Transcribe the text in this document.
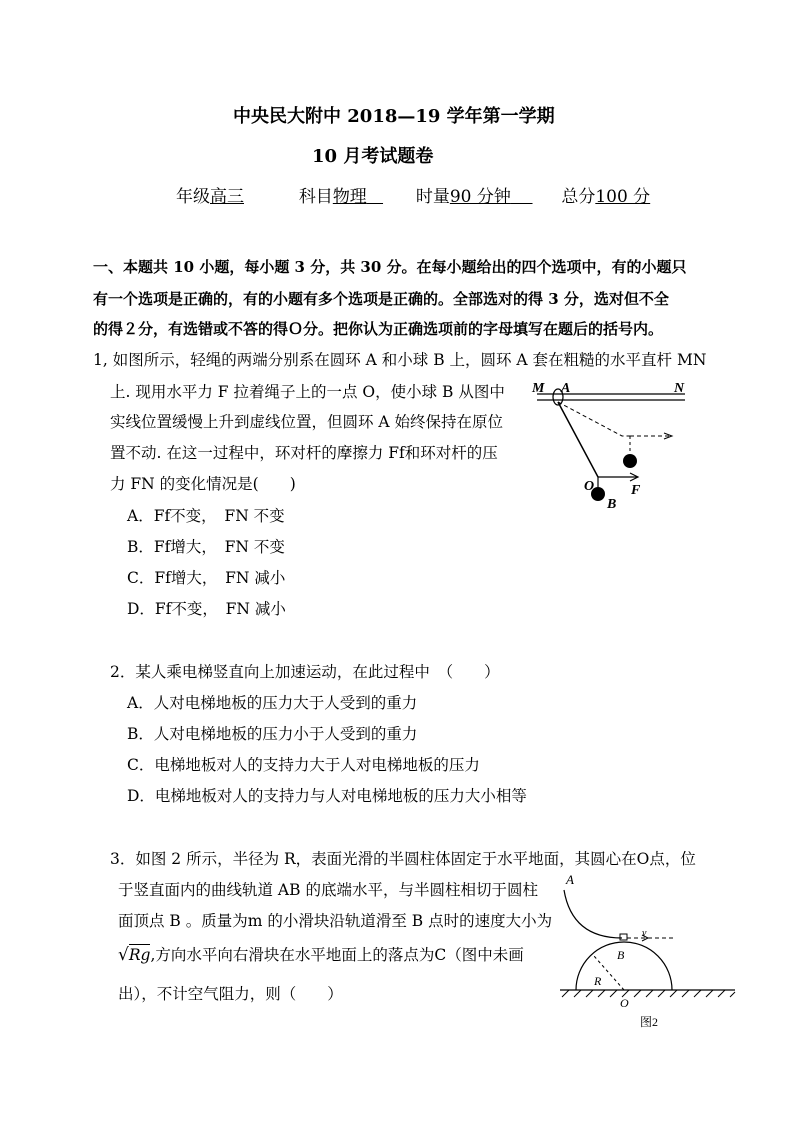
中央民大附中 2018—19 学年第一学期
10 月考试题卷
年级高三	科目物理	时量90 分钟	总分100 分
一、本题共 10 小题，每小题 3 分，共 30 分。在每小题给出的四个选项中，有的小题只
有一个选项是正确的，有的小题有多个选项是正确的。全部选对的得 3 分，选对但不全
的得２分，有选错或不答的得Ｏ分。把你认为正确选项前的字母填写在题后的括号内。
1, 如图所示，轻绳的两端分别系在圆环 A 和小球 B 上，圆环 A 套在粗糙的水平直杆 MN
上. 现用水平力 F 拉着绳子上的一点 O，使小球 B 从图中
实线位置缓慢上升到虚线位置，但圆环 A 始终保持在原位
置不动. 在这一过程中，环对杆的摩擦力 Ff和环对杆的压
力 FN 的变化情况是(　　)
A．Ff不变，　FN 不变
B．Ff增大，　FN 不变
C．Ff增大，　FN 减小
D．Ff不变，　FN 减小
M A	N
O	F
B
2．某人乘电梯竖直向上加速运动，在此过程中　（　　）
A．人对电梯地板的压力大于人受到的重力
B．人对电梯地板的压力小于人受到的重力
C．电梯地板对人的支持力大于人对电梯地板的压力
D．电梯地板对人的支持力与人对电梯地板的压力大小相等
3．如图 2 所示，半径为 R，表面光滑的半圆柱体固定于水平地面，其圆心在O点，位
于竖直面内的曲线轨道 AB 的底端水平，与半圆柱相切于圆柱
面顶点 B 。质量为m 的小滑块沿轨道滑至 B 点时的速度大小为
√Rg,方向水平向右滑块在水平地面上的落点为C（图中未画
出），不计空气阻力，则（　　）
A
B
v
R
O
图2
